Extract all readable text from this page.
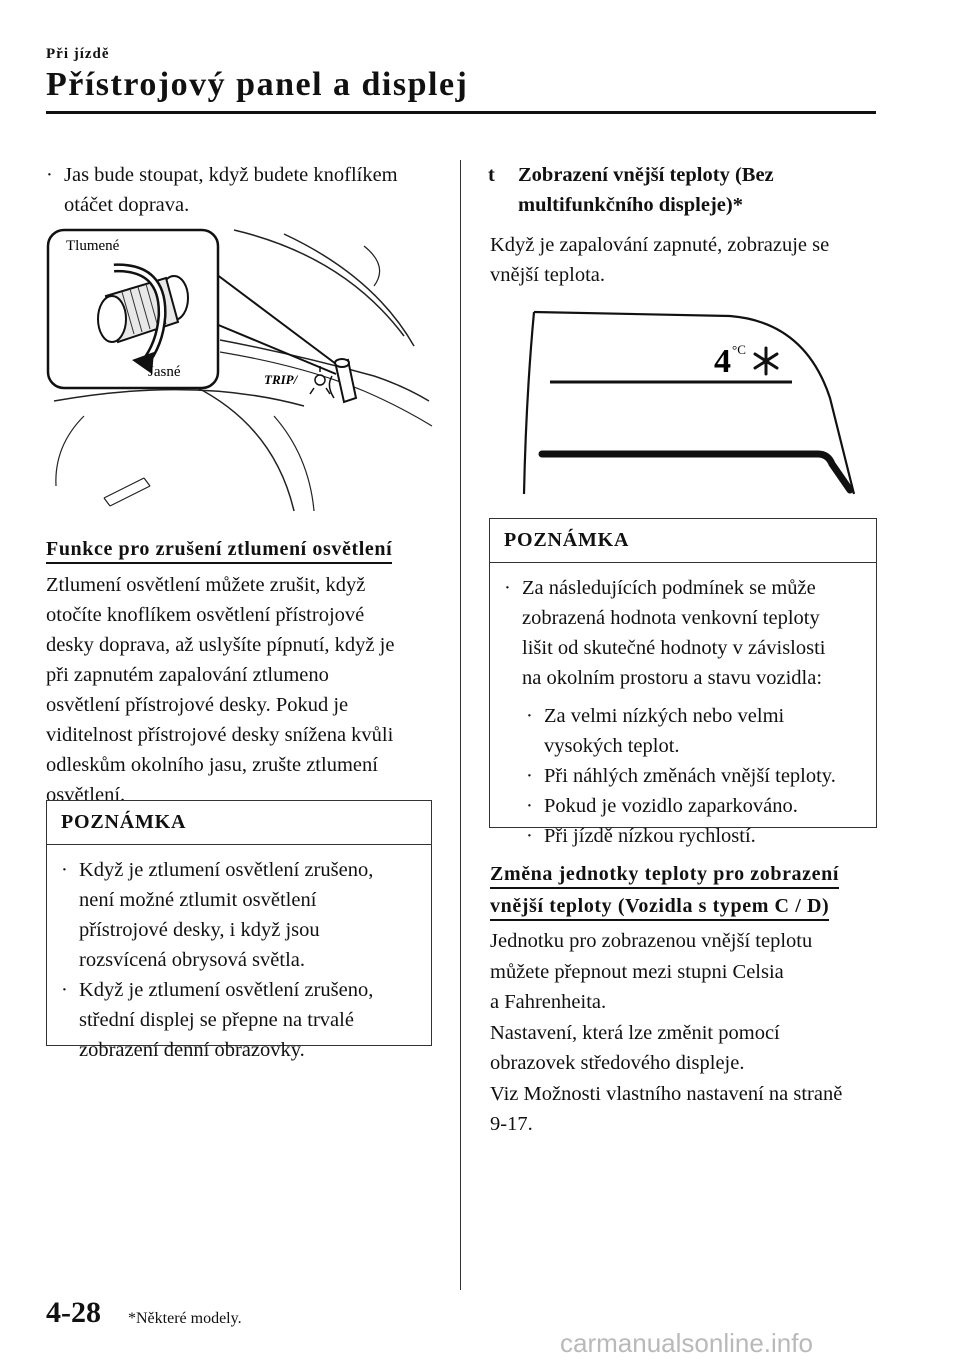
Při jízdě
Přístrojový panel a displej
· Jas bude stoupat, když budete knoflíkem
otáčet doprava.
Tlumené
Jasné	TRIP/
Funkce pro zrušení ztlumení osvětlení
Ztlumení osvětlení můžete zrušit, když
otočíte knoflíkem osvětlení přístrojové
desky doprava, až uslyšíte pípnutí, když je
při zapnutém zapalování ztlumeno
osvětlení přístrojové desky. Pokud je
viditelnost přístrojové desky snížena kvůli
odleskům okolního jasu, zrušte ztlumení
osvětlení.
POZNÁMKA
· Když je ztlumení osvětlení zrušeno,
není možné ztlumit osvětlení
přístrojové desky, i když jsou
rozsvícená obrysová světla.
· Když je ztlumení osvětlení zrušeno,
střední displej se přepne na trvalé
zobrazení denní obrazovky.
t Zobrazení vnější teploty (Bez
multifunkčního displeje)*
Když je zapalování zapnuté, zobrazuje se
vnější teplota.
4 °C
POZNÁMKA
· Za následujících podmínek se může
zobrazená hodnota venkovní teploty
lišit od skutečné hodnoty v závislosti
na okolním prostoru a stavu vozidla:
· Za velmi nízkých nebo velmi
vysokých teplot.
· Při náhlých změnách vnější teploty.
· Pokud je vozidlo zaparkováno.
· Při jízdě nízkou rychlostí.
Změna jednotky teploty pro zobrazení
vnější teploty (Vozidla s typem C / D)
Jednotku pro zobrazenou vnější teplotu
můžete přepnout mezi stupni Celsia
a Fahrenheita.
Nastavení, která lze změnit pomocí
obrazovek středového displeje.
Viz Možnosti vlastního nastavení na straně
9-17.
4-28 *Některé modely.
carmanualsonline.info
